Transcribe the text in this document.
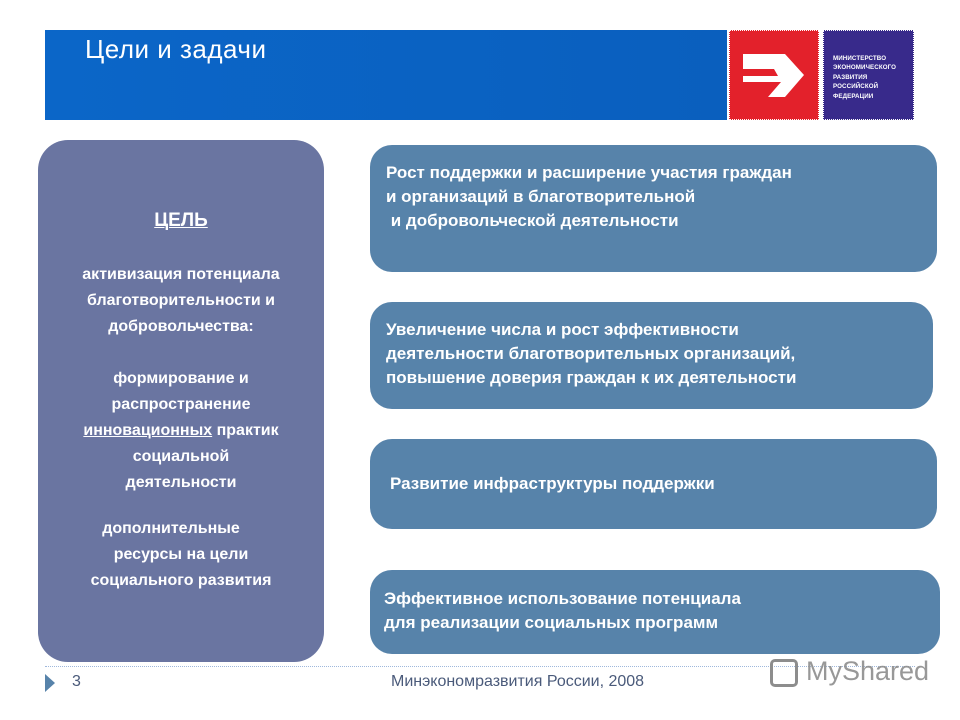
Цели и задачи	МИНИСТЕРСТВО
ЭКОНОМИЧЕСКОГО
РАЗВИТИЯ
РОССИЙСКОЙ
ФЕДЕРАЦИИ
ЦЕЛЬ
активизация потенциала
благотворительности и
добровольчества:
формирование и
распространение
инновационных практик
социальной
деятельности
дополнительные
ресурсы на цели
социального развития
Рост поддержки и расширение участия граждан
и организаций в благотворительной
и добровольческой деятельности
Увеличение числа и рост эффективности
деятельности благотворительных организаций,
повышение доверия граждан к их деятельности
Развитие инфраструктуры поддержки
Эффективное использование потенциала
для реализации социальных программ
3	Минэкономразвития России, 2008	MyShared
